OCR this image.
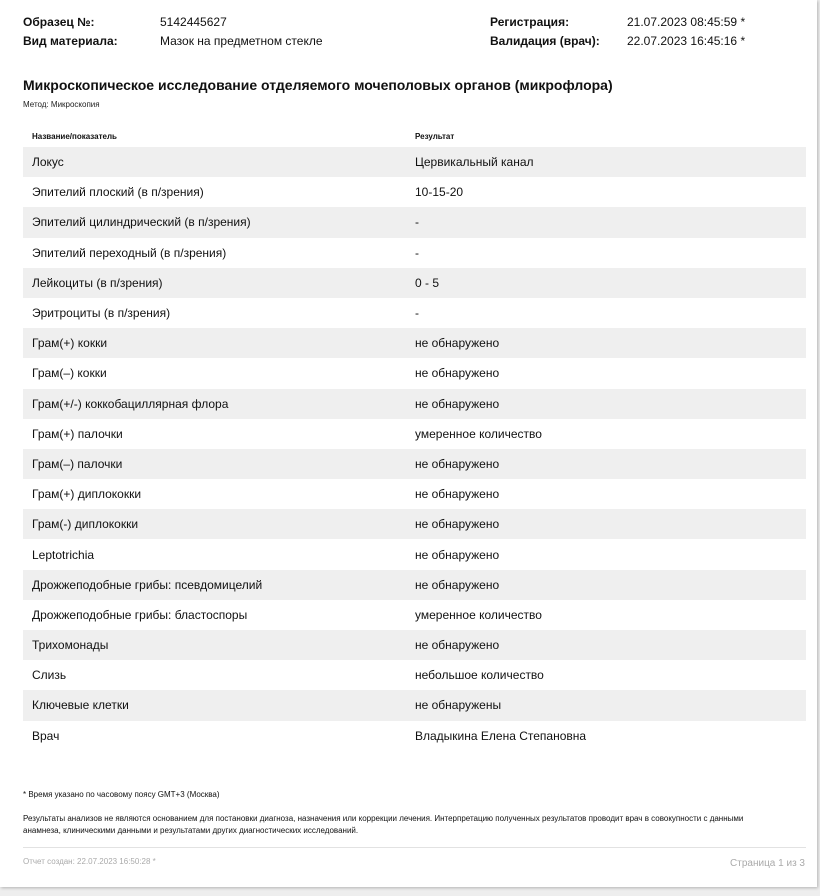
Образец №:	5142445627
Вид материала:	Мазок на предметном стекле
Регистрация:	21.07.2023 08:45:59 *
Валидация (врач): 22.07.2023 16:45:16 *
Микроскопическое исследование отделяемого мочеполовых органов (микрофлора)
Метод: Микроскопия
Название/показатель	Результат
Локус	Цервикальный канал
Эпителий плоский (в п/зрения)	10-15-20
Эпителий цилиндрический (в п/зрения)	-
Эпителий переходный (в п/зрения)	-
Лейкоциты (в п/зрения)	0 - 5
Эритроциты (в п/зрения)	-
Грам(+) кокки	не обнаружено
Грам(–) кокки	не обнаружено
Грам(+/-) коккобациллярная флора	не обнаружено
Грам(+) палочки	умеренное количество
Грам(–) палочки	не обнаружено
Грам(+) диплококки	не обнаружено
Грам(-) диплококки	не обнаружено
Leptotrichia	не обнаружено
Дрожжеподобные грибы: псевдомицелий	не обнаружено
Дрожжеподобные грибы: бластоспоры	умеренное количество
Трихомонады	не обнаружено
Слизь	небольшое количество
Ключевые клетки	не обнаружены
Врач	Владыкина Елена Степановна
* Время указано по часовому поясу GMT+3 (Москва)
Результаты анализов не являются основанием для постановки диагноза, назначения или коррекции лечения. Интерпретацию полученных результатов проводит врач в совокупности с данными анамнеза, клиническими данными и результатами других диагностических исследований.
Отчет создан: 22.07.2023 16:50:28 *	Страница 1 из 3
